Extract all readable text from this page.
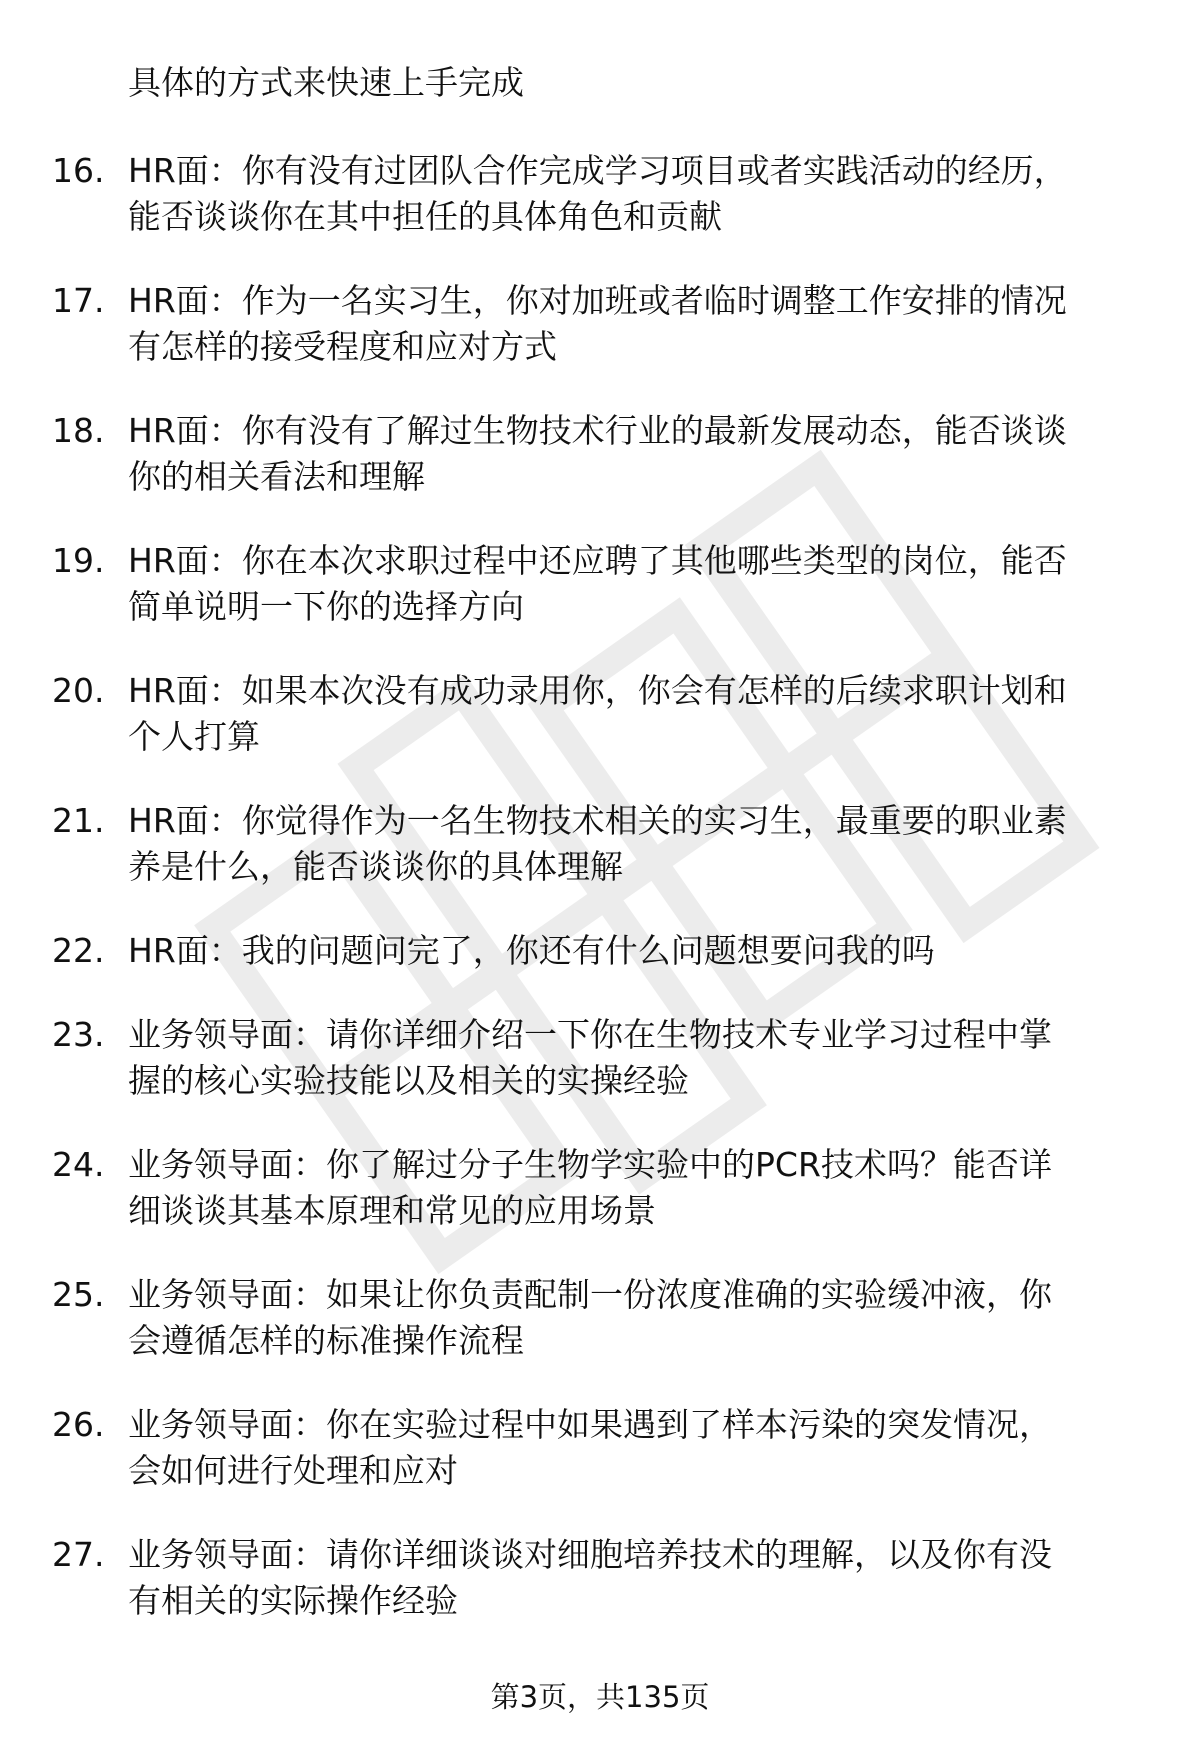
具体的方式来快速上手完成
16. HR面：你有没有过团队合作完成学习项目或者实践活动的经历，
能否谈谈你在其中担任的具体角色和贡献
17. HR面：作为一名实习生，你对加班或者临时调整工作安排的情况
有怎样的接受程度和应对方式
18. HR面：你有没有了解过生物技术行业的最新发展动态，能否谈谈
你的相关看法和理解
19. HR面：你在本次求职过程中还应聘了其他哪些类型的岗位，能否
简单说明一下你的选择方向
20. HR面：如果本次没有成功录用你，你会有怎样的后续求职计划和
个人打算
21. HR面：你觉得作为一名生物技术相关的实习生，最重要的职业素
养是什么，能否谈谈你的具体理解
22. HR面：我的问题问完了，你还有什么问题想要问我的吗
23. 业务领导面：请你详细介绍一下你在生物技术专业学习过程中掌
握的核心实验技能以及相关的实操经验
24. 业务领导面：你了解过分子生物学实验中的PCR技术吗？能否详
细谈谈其基本原理和常见的应用场景
25. 业务领导面：如果让你负责配制一份浓度准确的实验缓冲液，你
会遵循怎样的标准操作流程
26. 业务领导面：你在实验过程中如果遇到了样本污染的突发情况，
会如何进行处理和应对
27. 业务领导面：请你详细谈谈对细胞培养技术的理解，以及你有没
有相关的实际操作经验
第3页，共135页
